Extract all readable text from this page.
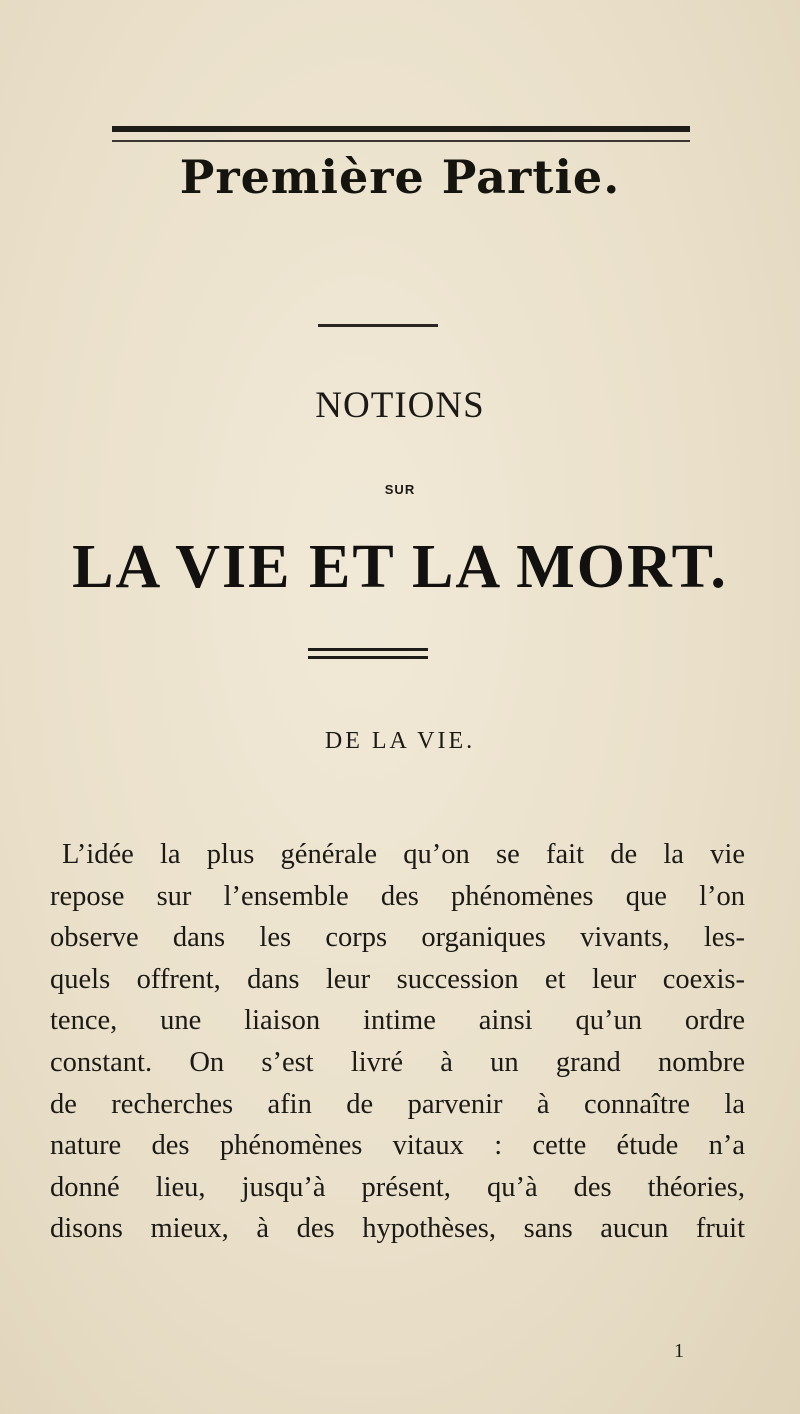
Première Partie.
NOTIONS
SUR
LA VIE ET LA MORT.
DE LA VIE.
L’idée la plus générale qu’on se fait de la vie
repose sur l’ensemble des phénomènes que l’on
observe dans les corps organiques vivants, les-
quels offrent, dans leur succession et leur coexis-
tence, une liaison intime ainsi qu’un ordre
constant. On s’est livré à un grand nombre
de recherches afin de parvenir à connaître la
nature des phénomènes vitaux : cette étude n’a
donné lieu, jusqu’à présent, qu’à des théories,
disons mieux, à des hypothèses, sans aucun fruit
1
